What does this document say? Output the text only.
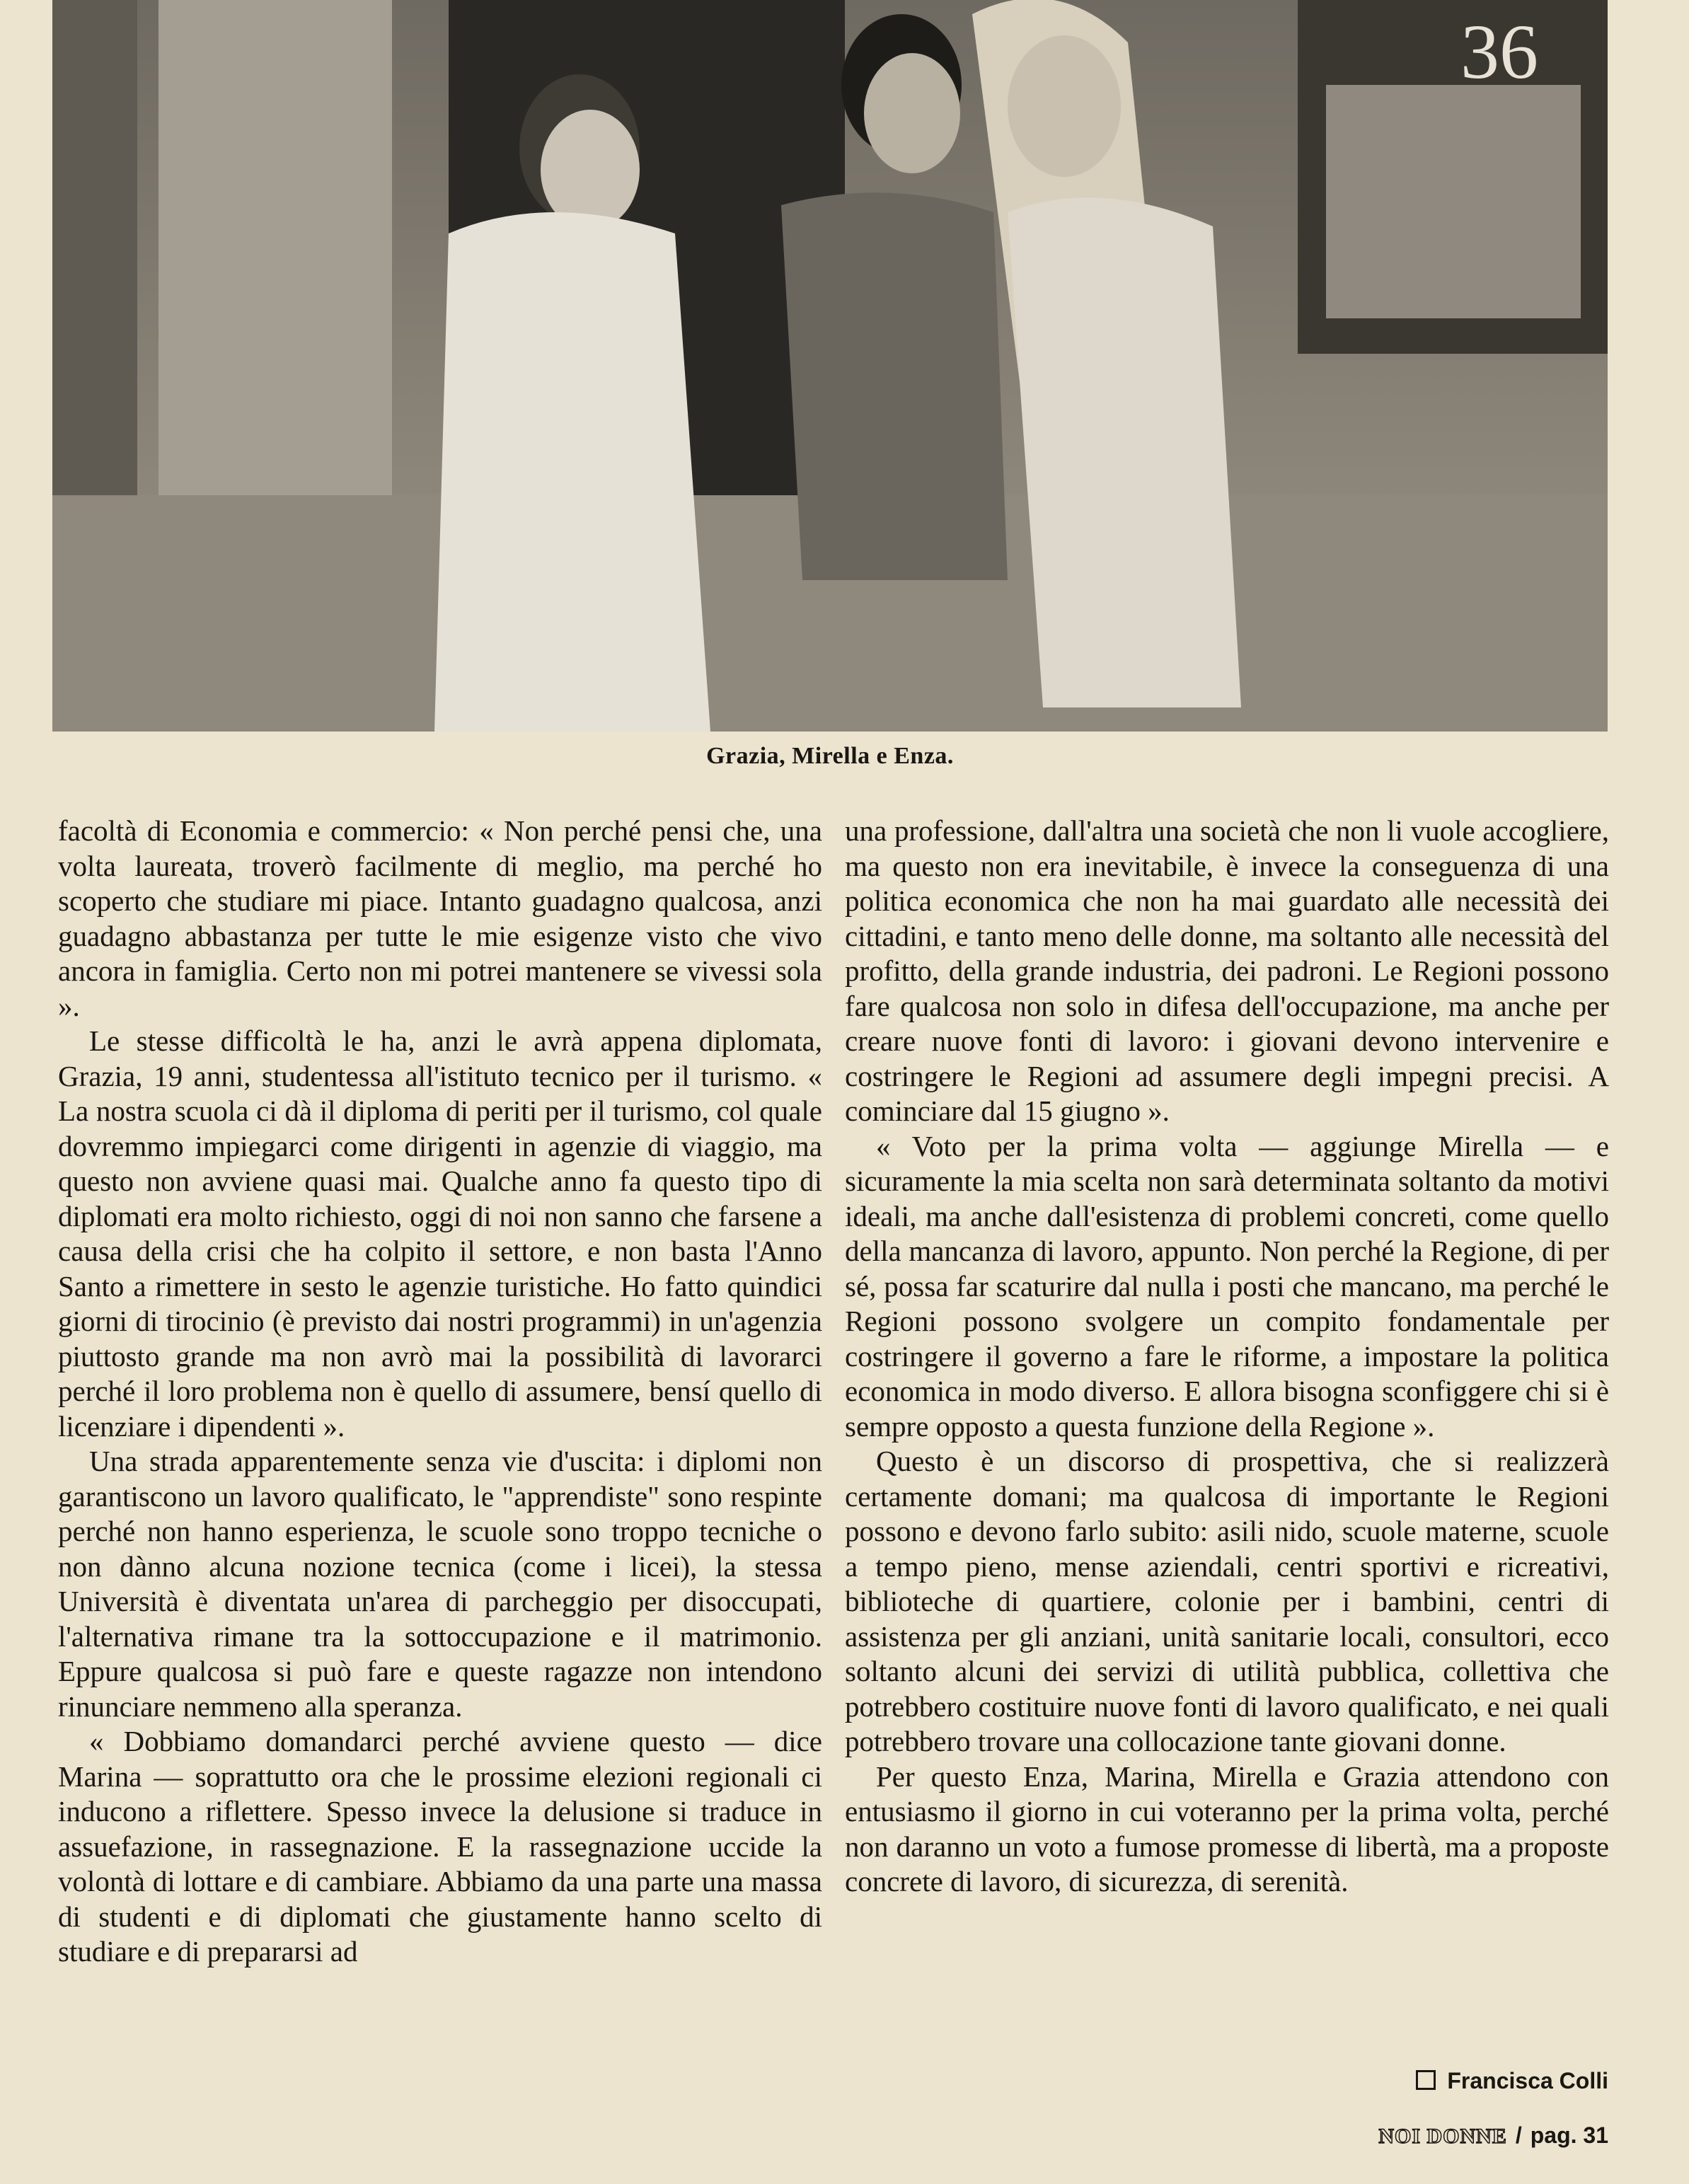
36
Grazia, Mirella e Enza.

facoltà di Economia e commercio: « Non perché pensi che, una volta laureata, troverò facilmente di meglio, ma perché ho scoperto che studiare mi piace. Intanto guadagno qualcosa, anzi guadagno abbastanza per tutte le mie esigenze visto che vivo ancora in famiglia. Certo non mi potrei mantenere se vivessi sola ».

Le stesse difficoltà le ha, anzi le avrà appena diplomata, Grazia, 19 anni, studentessa all'istituto tecnico per il turismo. « La nostra scuola ci dà il diploma di periti per il turismo, col quale dovremmo impiegarci come dirigenti in agenzie di viaggio, ma questo non avviene quasi mai. Qualche anno fa questo tipo di diplomati era molto richiesto, oggi di noi non sanno che farsene a causa della crisi che ha colpito il settore, e non basta l'Anno Santo a rimettere in sesto le agenzie turistiche. Ho fatto quindici giorni di tirocinio (è previsto dai nostri programmi) in un'agenzia piuttosto grande ma non avrò mai la possibilità di lavorarci perché il loro problema non è quello di assumere, bensí quello di licenziare i dipendenti ».

Una strada apparentemente senza vie d'uscita: i diplomi non garantiscono un lavoro qualificato, le "apprendiste" sono respinte perché non hanno esperienza, le scuole sono troppo tecniche o non dànno alcuna nozione tecnica (come i licei), la stessa Università è diventata un'area di parcheggio per disoccupati, l'alternativa rimane tra la sottoccupazione e il matrimonio. Eppure qualcosa si può fare e queste ragazze non intendono rinunciare nemmeno alla speranza.

« Dobbiamo domandarci perché avviene questo — dice Marina — soprattutto ora che le prossime elezioni regionali ci inducono a riflettere. Spesso invece la delusione si traduce in assuefazione, in rassegnazione. E la rassegnazione uccide la volontà di lottare e di cambiare. Abbiamo da una parte una massa di studenti e di diplomati che giustamente hanno scelto di studiare e di prepararsi ad

una professione, dall'altra una società che non li vuole accogliere, ma questo non era inevitabile, è invece la conseguenza di una politica economica che non ha mai guardato alle necessità dei cittadini, e tanto meno delle donne, ma soltanto alle necessità del profitto, della grande industria, dei padroni. Le Regioni possono fare qualcosa non solo in difesa dell'occupazione, ma anche per creare nuove fonti di lavoro: i giovani devono intervenire e costringere le Regioni ad assumere degli impegni precisi. A cominciare dal 15 giugno ».

« Voto per la prima volta — aggiunge Mirella — e sicuramente la mia scelta non sarà determinata soltanto da motivi ideali, ma anche dall'esistenza di problemi concreti, come quello della mancanza di lavoro, appunto. Non perché la Regione, di per sé, possa far scaturire dal nulla i posti che mancano, ma perché le Regioni possono svolgere un compito fondamentale per costringere il governo a fare le riforme, a impostare la politica economica in modo diverso. E allora bisogna sconfiggere chi si è sempre opposto a questa funzione della Regione ».

Questo è un discorso di prospettiva, che si realizzerà certamente domani; ma qualcosa di importante le Regioni possono e devono farlo subito: asili nido, scuole materne, scuole a tempo pieno, mense aziendali, centri sportivi e ricreativi, biblioteche di quartiere, colonie per i bambini, centri di assistenza per gli anziani, unità sanitarie locali, consultori, ecco soltanto alcuni dei servizi di utilità pubblica, collettiva che potrebbero costituire nuove fonti di lavoro qualificato, e nei quali potrebbero trovare una collocazione tante giovani donne.

Per questo Enza, Marina, Mirella e Grazia attendono con entusiasmo il giorno in cui voteranno per la prima volta, perché non daranno un voto a fumose promesse di libertà, ma a proposte concrete di lavoro, di sicurezza, di serenità.

Francisca Colli
NOI DONNE / pag. 31
